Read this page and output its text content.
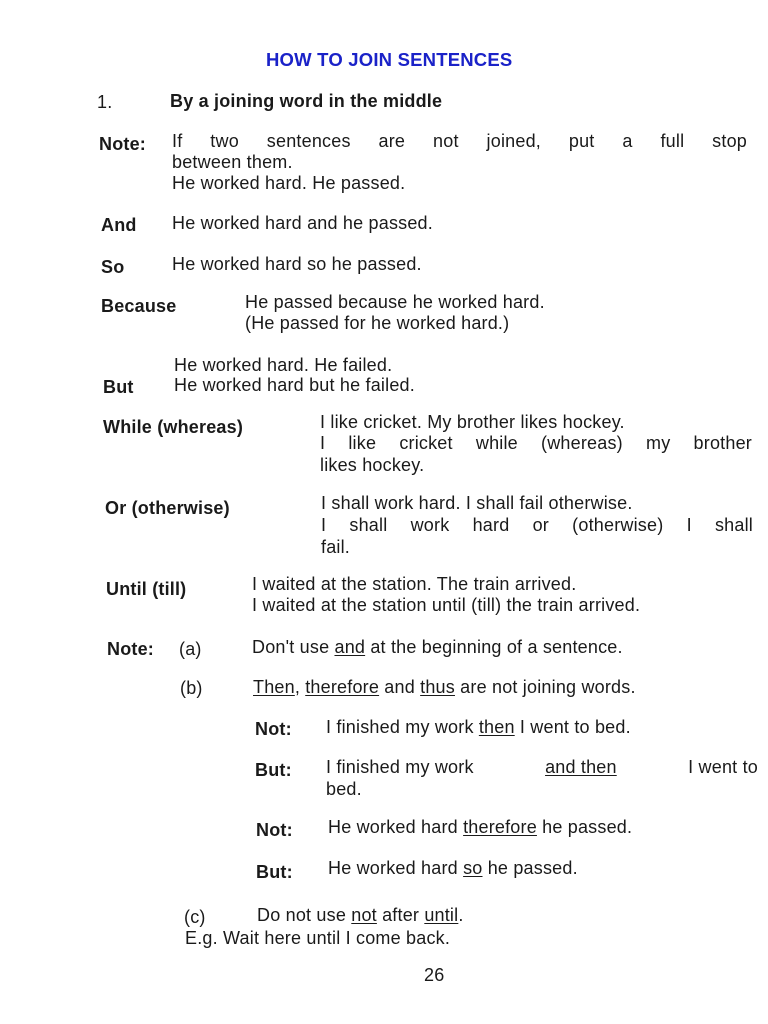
HOW TO JOIN SENTENCES
1.	By a joining word in the middle
Note: If two sentences are not joined, put a full stop
between them.
He worked hard. He passed.
And He worked hard and he passed.
So	He worked hard so he passed.
Because	He passed because he worked hard.
(He passed for he worked hard.)
He worked hard. He failed.
But He worked hard but he failed.
While (whereas)	I like cricket. My brother likes hockey.
I like cricket while (whereas) my brother
likes hockey.
Or (otherwise)	I shall work hard. I shall fail otherwise.
I shall work hard or (otherwise) I shall
fail.
Until (till)	I waited at the station. The train arrived.
I waited at the station until (till) the train arrived.
Note: (a)	Don't use and at the beginning of a sentence.
(b)	Then, therefore and thus are not joining words.
Not: I finished my work then I went to bed.
But: I finished my work	and then	I went to
bed.
Not: He worked hard therefore he passed.
But: He worked hard so he passed.
(c)	Do not use not after until.
E.g. Wait here until I come back.
26
